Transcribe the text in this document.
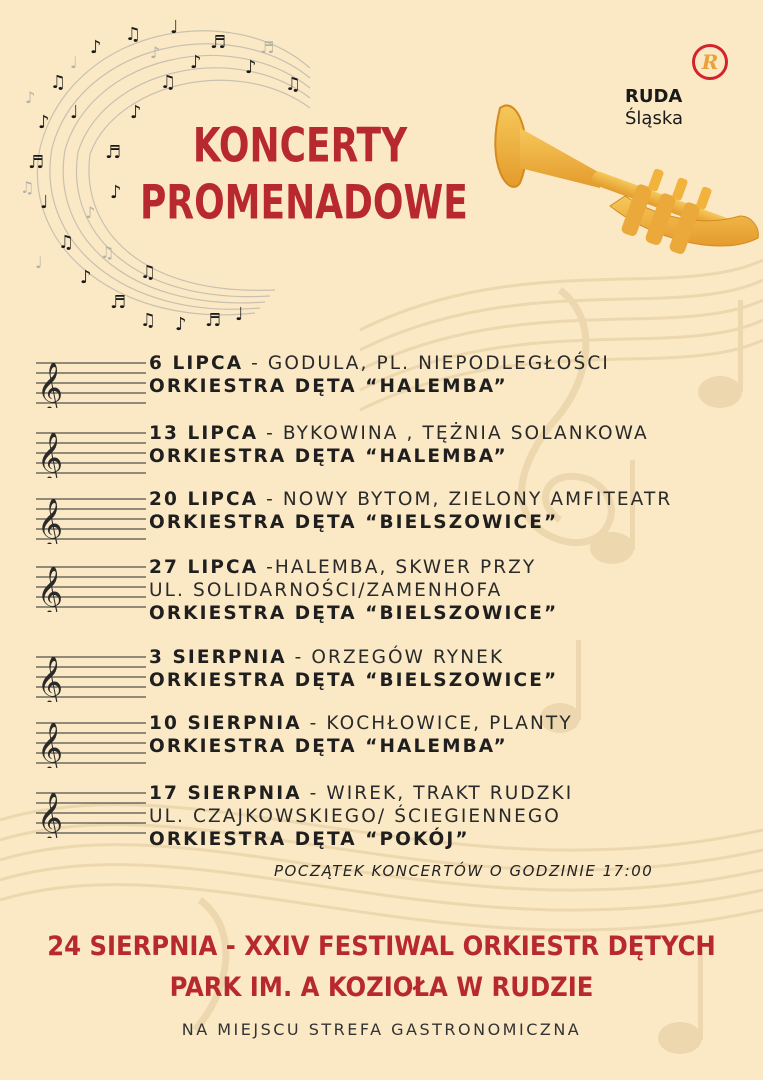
♪
♫ ♩
♬
♪
♫
♫
♪
♬
♩
♫
♪
♬
♫ ♪ ♬ ♩
♫
♪
♬
♪
♫
♪
♩
♩
♪	♬
♪
♫
♩
♪
♫
KONCERTY
PROMENADOWE
R
RUDA
Śląska
𝄞	6 LIPCA - GODULA, PL. NIEPODLEGŁOŚCI
ORKIESTRA DĘTA “HALEMBA”
𝄞	13 LIPCA - BYKOWINA , TĘŻNIA SOLANKOWA
ORKIESTRA DĘTA “HALEMBA”
𝄞	20 LIPCA - NOWY BYTOM, ZIELONY AMFITEATR
ORKIESTRA DĘTA “BIELSZOWICE”
𝄞	27 LIPCA -HALEMBA, SKWER PRZY
UL. SOLIDARNOŚCI/ZAMENHOFA
ORKIESTRA DĘTA “BIELSZOWICE”
𝄞	3 SIERPNIA - ORZEGÓW RYNEK
ORKIESTRA DĘTA “BIELSZOWICE”
𝄞	10 SIERPNIA - KOCHŁOWICE, PLANTY
ORKIESTRA DĘTA “HALEMBA”
𝄞	17 SIERPNIA - WIREK, TRAKT RUDZKI
UL. CZAJKOWSKIEGO/ ŚCIEGIENNEGO
ORKIESTRA DĘTA “POKÓJ”
POCZĄTEK KONCERTÓW O GODZINIE 17:00
24 SIERPNIA - XXIV FESTIWAL ORKIESTR DĘTYCH
PARK IM. A KOZIOŁA W RUDZIE
NA MIEJSCU STREFA GASTRONOMICZNA
